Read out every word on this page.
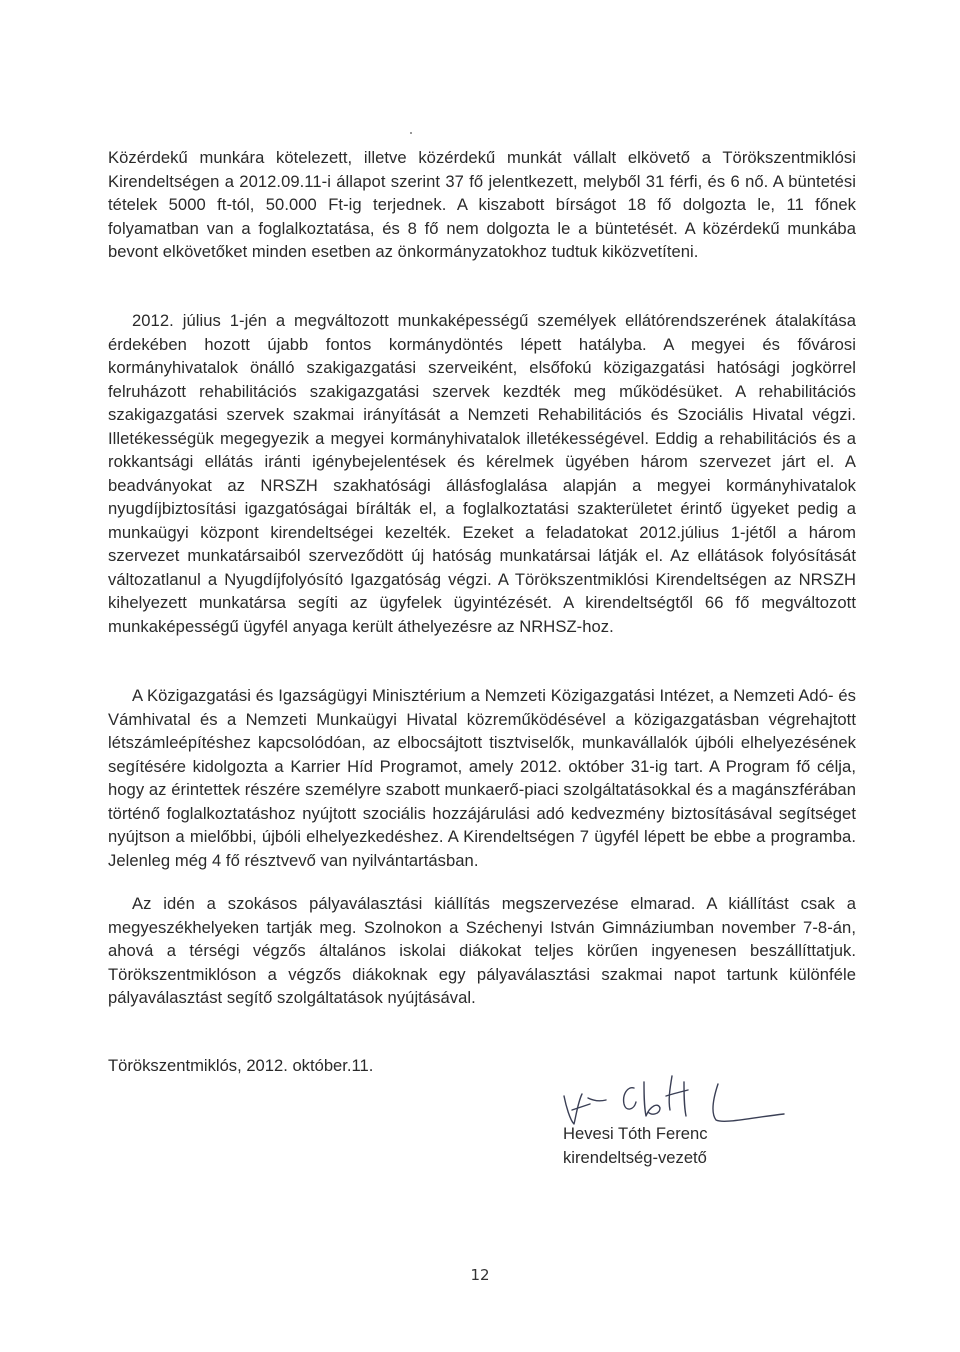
Közérdekű munkára kötelezett, illetve közérdekű munkát vállalt elkövető a Törökszentmiklósi Kirendeltségen a 2012.09.11-i állapot szerint 37 fő jelentkezett, melyből 31 férfi, és 6 nő. A büntetési tételek 5000 ft-tól, 50.000 Ft-ig terjednek. A kiszabott bírságot 18 fő dolgozta le, 11 főnek folyamatban van a foglalkoztatása, és 8 fő nem dolgozta le a büntetését. A közérdekű munkába bevont elkövetőket minden esetben az önkormányzatokhoz tudtuk kiközvetíteni.

2012. július 1-jén a megváltozott munkaképességű személyek ellátórendszerének átalakítása érdekében hozott újabb fontos kormánydöntés lépett hatályba. A megyei és fővárosi kormányhivatalok önálló szakigazgatási szerveiként, elsőfokú közigazgatási hatósági jogkörrel felruházott rehabilitációs szakigazgatási szervek kezdték meg működésüket. A rehabilitációs szakigazgatási szervek szakmai irányítását a Nemzeti Rehabilitációs és Szociális Hivatal végzi. Illetékességük megegyezik a megyei kormányhivatalok illetékességével. Eddig a rehabilitációs és a rokkantsági ellátás iránti igénybejelentések és kérelmek ügyében három szervezet járt el. A beadványokat az NRSZH szakhatósági állásfoglalása alapján a megyei kormányhivatalok nyugdíjbiztosítási igazgatóságai bírálták el, a foglalkoztatási szakterületet érintő ügyeket pedig a munkaügyi központ kirendeltségei kezelték. Ezeket a feladatokat 2012.július 1-jétől a három szervezet munkatársaiból szerveződött új hatóság munkatársai látják el. Az ellátások folyósítását változatlanul a Nyugdíjfolyósító Igazgatóság végzi. A Törökszentmiklósi Kirendeltségen az NRSZH kihelyezett munkatársa segíti az ügyfelek ügyintézését. A kirendeltségtől 66 fő megváltozott munkaképességű ügyfél anyaga került áthelyezésre az NRHSZ-hoz.

A Közigazgatási és Igazságügyi Minisztérium a Nemzeti Közigazgatási Intézet, a Nemzeti Adó- és Vámhivatal és a Nemzeti Munkaügyi Hivatal közreműködésével a közigazgatásban végrehajtott létszámleépítéshez kapcsolódóan, az elbocsájtott tisztviselők, munkavállalók újbóli elhelyezésének segítésére kidolgozta a Karrier Híd Programot, amely 2012. október 31-ig tart. A Program fő célja, hogy az érintettek részére személyre szabott munkaerő-piaci szolgáltatásokkal és a magánszférában történő foglalkoztatáshoz nyújtott szociális hozzájárulási adó kedvezmény biztosításával segítséget nyújtson a mielőbbi, újbóli elhelyezkedéshez. A Kirendeltségen 7 ügyfél lépett be ebbe a programba. Jelenleg még 4 fő résztvevő van nyilvántartásban.

Az idén a szokásos pályaválasztási kiállítás megszervezése elmarad. A kiállítást csak a megyeszékhelyeken tartják meg. Szolnokon a Széchenyi István Gimnáziumban november 7-8-án, ahová a térségi végzős általános iskolai diákokat teljes körűen ingyenesen beszállíttatjuk. Törökszentmiklóson a végzős diákoknak egy pályaválasztási szakmai napot tartunk különféle pályaválasztást segítő szolgáltatások nyújtásával.

Törökszentmiklós, 2012. október.11.

Hevesi Tóth Ferenc
kirendeltség-vezető
12
